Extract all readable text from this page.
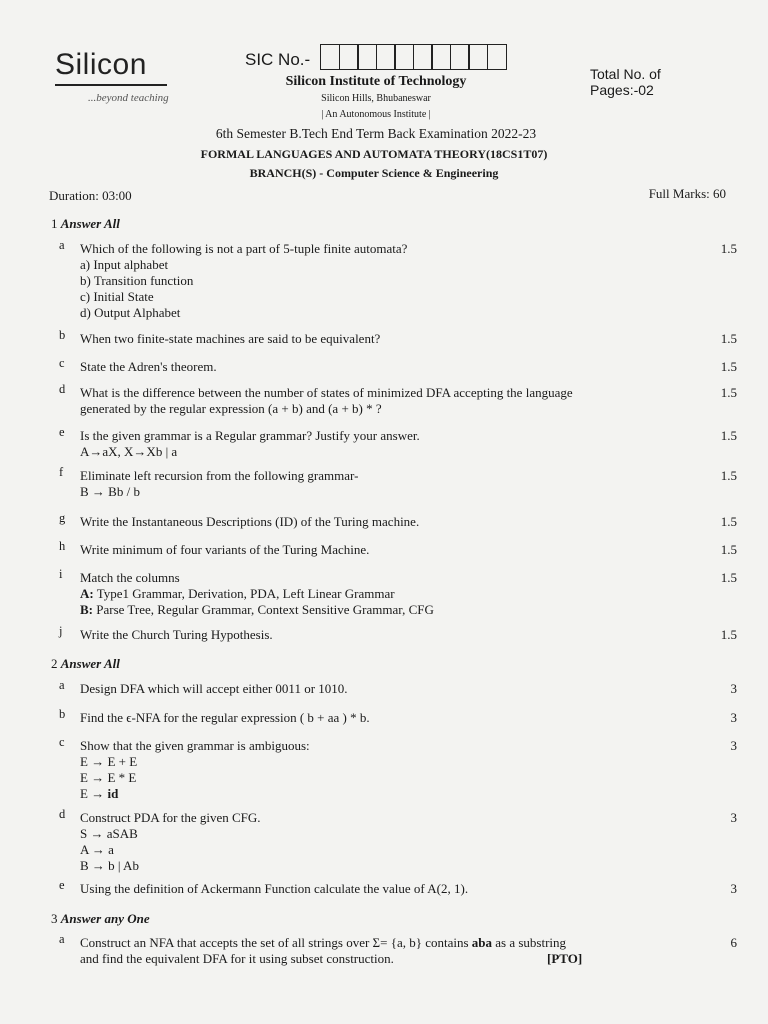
Silicon
...beyond teaching
SIC No.-
Silicon Institute of Technology
Silicon Hills, Bhubaneswar
| An Autonomous Institute |
Total No. of
Pages:-02
6th Semester B.Tech End Term Back Examination 2022-23
FORMAL LANGUAGES AND AUTOMATA THEORY(18CS1T07)
BRANCH(S) - Computer Science & Engineering
Duration: 03:00	Full Marks: 60
1 Answer All
a Which of the following is not a part of 5-tuple finite automata?
a) Input alphabet
b) Transition function
c) Initial State
d) Output Alphabet
1.5
b When two finite-state machines are said to be equivalent?	1.5
c State the Adren's theorem.	1.5
d What is the difference between the number of states of minimized DFA accepting the language
generated by the regular expression (a + b) and (a + b) * ?
1.5
e Is the given grammar is a Regular grammar? Justify your answer.
A→aX, X→Xb | a
1.5
f Eliminate left recursion from the following grammar-
B → Bb / b
1.5
g Write the Instantaneous Descriptions (ID) of the Turing machine.	1.5
h Write minimum of four variants of the Turing Machine.	1.5
i Match the columns
A: Type1 Grammar, Derivation, PDA, Left Linear Grammar
B: Parse Tree, Regular Grammar, Context Sensitive Grammar, CFG
1.5
j Write the Church Turing Hypothesis.	1.5
2 Answer All
a Design DFA which will accept either 0011 or 1010.	3
b Find the ϵ-NFA for the regular expression ( b + aa ) * b.	3
c Show that the given grammar is ambiguous:
E → E + E
E → E * E
E → id
3
d Construct PDA for the given CFG.
S → aSAB
A → a
B → b | Ab
3
e Using the definition of Ackermann Function calculate the value of A(2, 1).	3
3 Answer any One
a Construct an NFA that accepts the set of all strings over Σ= {a, b} contains aba as a substring
and find the equivalent DFA for it using subset construction.	[PTO]
6
